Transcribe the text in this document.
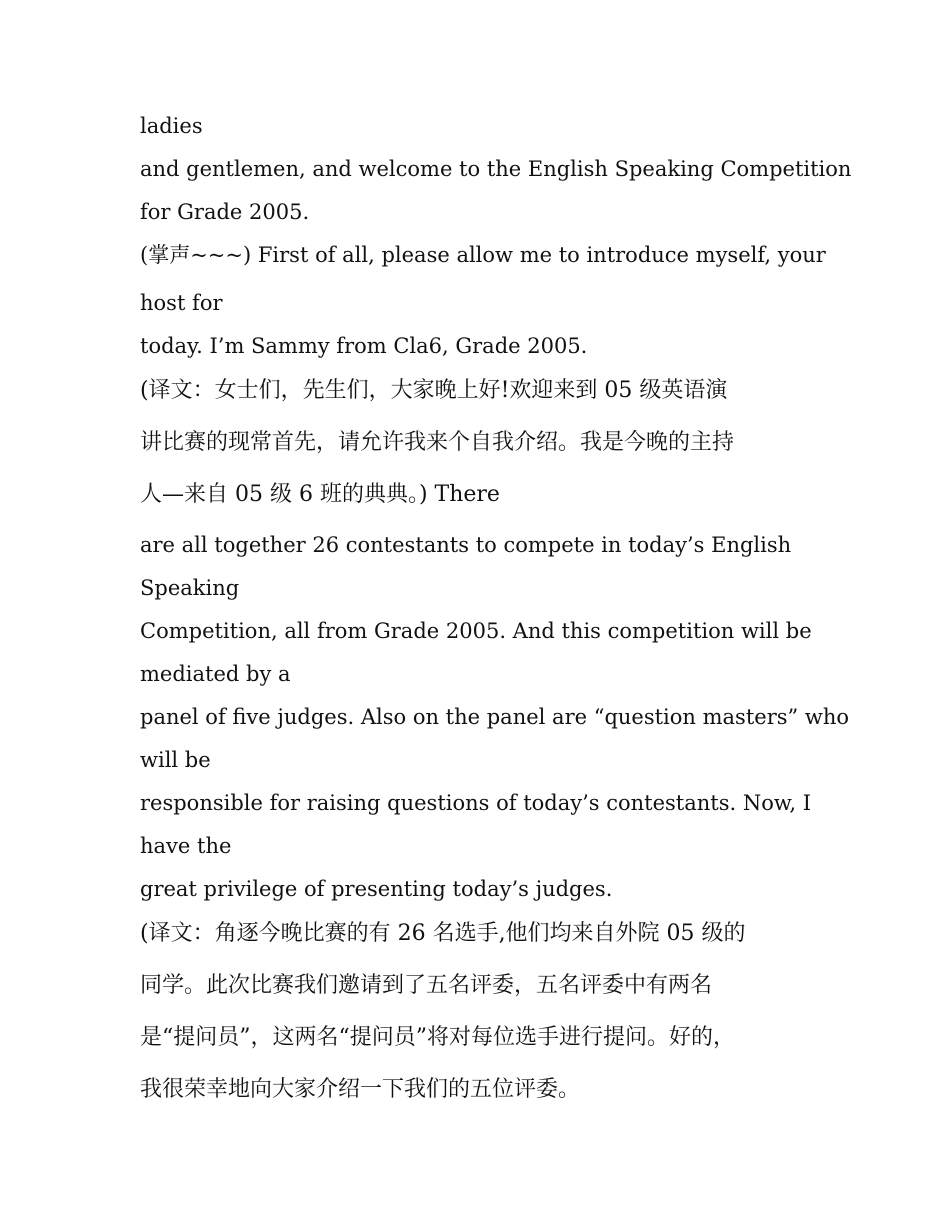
ladies
and gentlemen, and welcome to the English Speaking Competition
for Grade 2005.
(掌声~~~) First of all, please allow me to introduce myself, your
host for
today. I’m Sammy from Cla6, Grade 2005.
(译文：女士们，先生们，大家晚上好!欢迎来到 05 级英语演
讲比赛的现常首先，请允许我来个自我介绍。我是今晚的主持
人—来自 05 级 6 班的典典。) There
are all together 26 contestants to compete in today’s English
Speaking
Competition, all from Grade 2005. And this competition will be
mediated by a
panel of five judges. Also on the panel are “question masters” who
will be
responsible for raising questions of today’s contestants. Now, I
have the
great privilege of presenting today’s judges.
(译文：角逐今晚比赛的有 26 名选手,他们均来自外院 05 级的
同学。此次比赛我们邀请到了五名评委，五名评委中有两名
是“提问员”，这两名“提问员”将对每位选手进行提问。好的，
我很荣幸地向大家介绍一下我们的五位评委。
